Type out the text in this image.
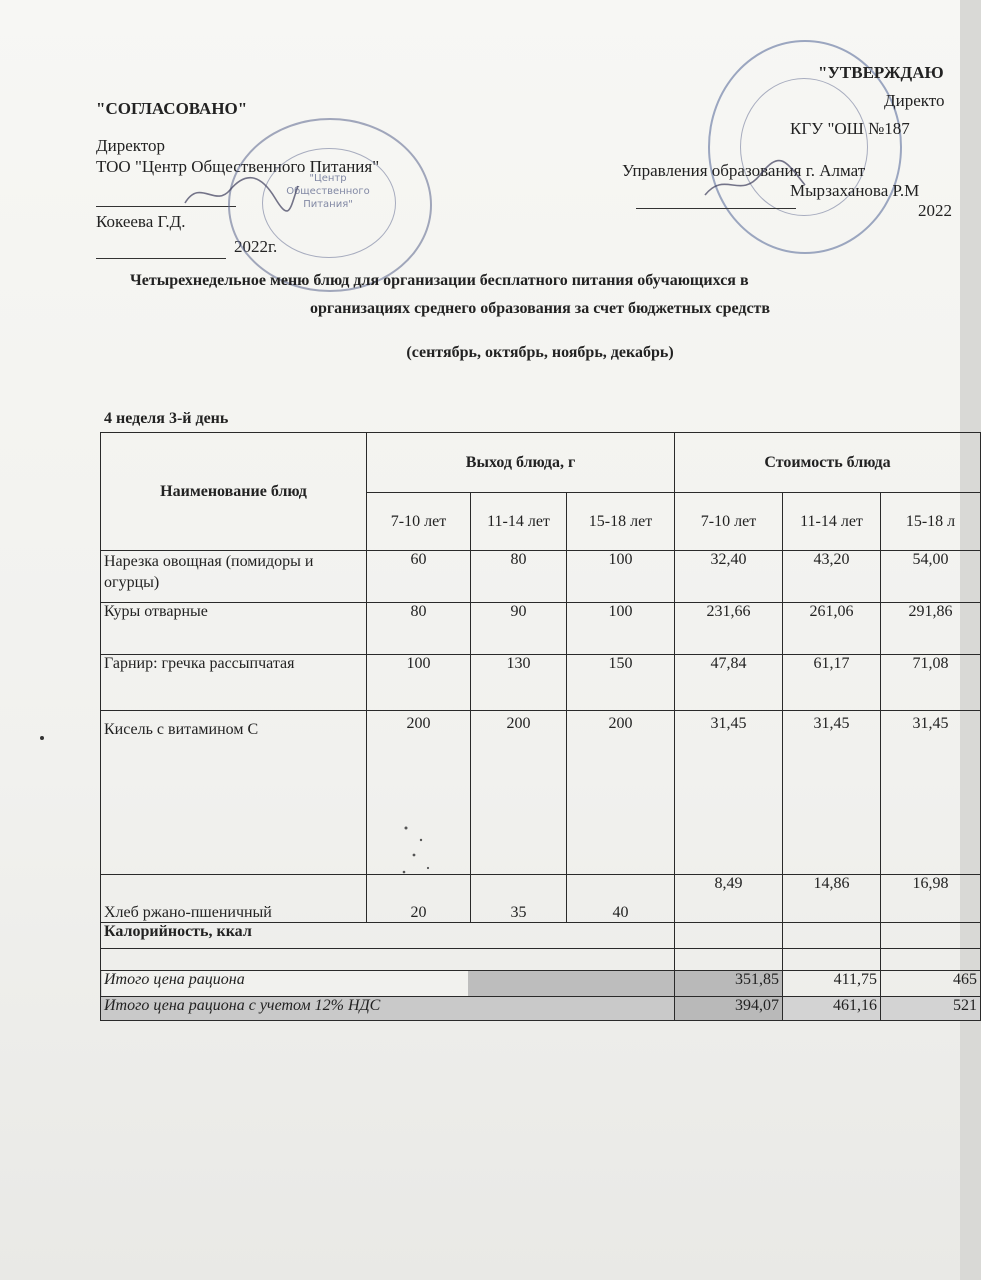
"СОГЛАСОВАНО"
Директор
ТОО "Центр Общественного Питания"
Кокеева Г.Д.
2022г.
"Центр Общественного Питания"
"УТВЕРЖДАЮ
Директо
КГУ "ОШ №187
Управления образования г. Алмат
Мырзаханова Р.М
2022
Четырехнедельное меню блюд для организации бесплатного питания обучающихся в
организациях среднего образования за счет бюджетных средств
(сентябрь, октябрь, ноябрь, декабрь)
4 неделя 3-й день
Наименование блюд	Выход блюда, г			Стоимость блюда		
	7-10 лет	11-14 лет	15-18 лет	7-10 лет	11-14 лет	15-18 л
Нарезка овощная (помидоры и огурцы)	60	80	100	32,40	43,20	54,00
Куры отварные	80	90	100	231,66	261,06	291,86
Гарнир: гречка рассыпчатая	100	130	150	47,84	61,17	71,08
Кисель с витамином С	200	200	200	31,45	31,45	31,45
Хлеб ржано-пшеничный	20	35	40	8,49	14,86	16,98
Калорийность, ккал						

Итого цена рациона				351,85	411,75	465
Итого цена рациона с учетом 12% НДС				394,07	461,16	521
